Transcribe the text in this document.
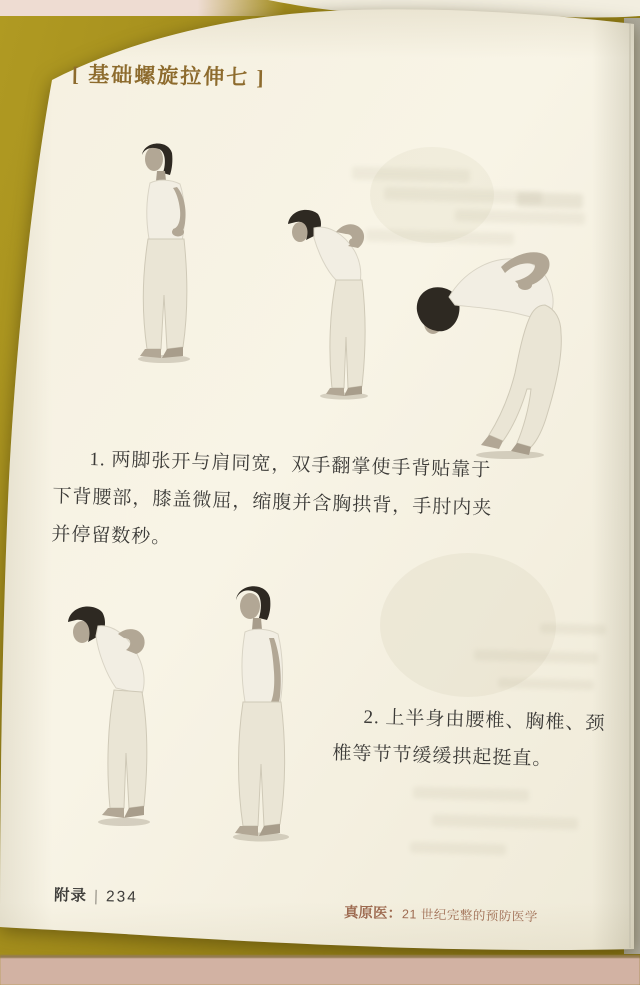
[ 基础螺旋拉伸七 ]
1. 两脚张开与肩同宽，双手翻掌使手背贴靠于
下背腰部，膝盖微屈，缩腹并含胸拱背，手肘内夹
并停留数秒。
2. 上半身由腰椎、胸椎、颈
椎等节节缓缓拱起挺直。
附录 | 234
真原医：21 世纪完整的预防医学
